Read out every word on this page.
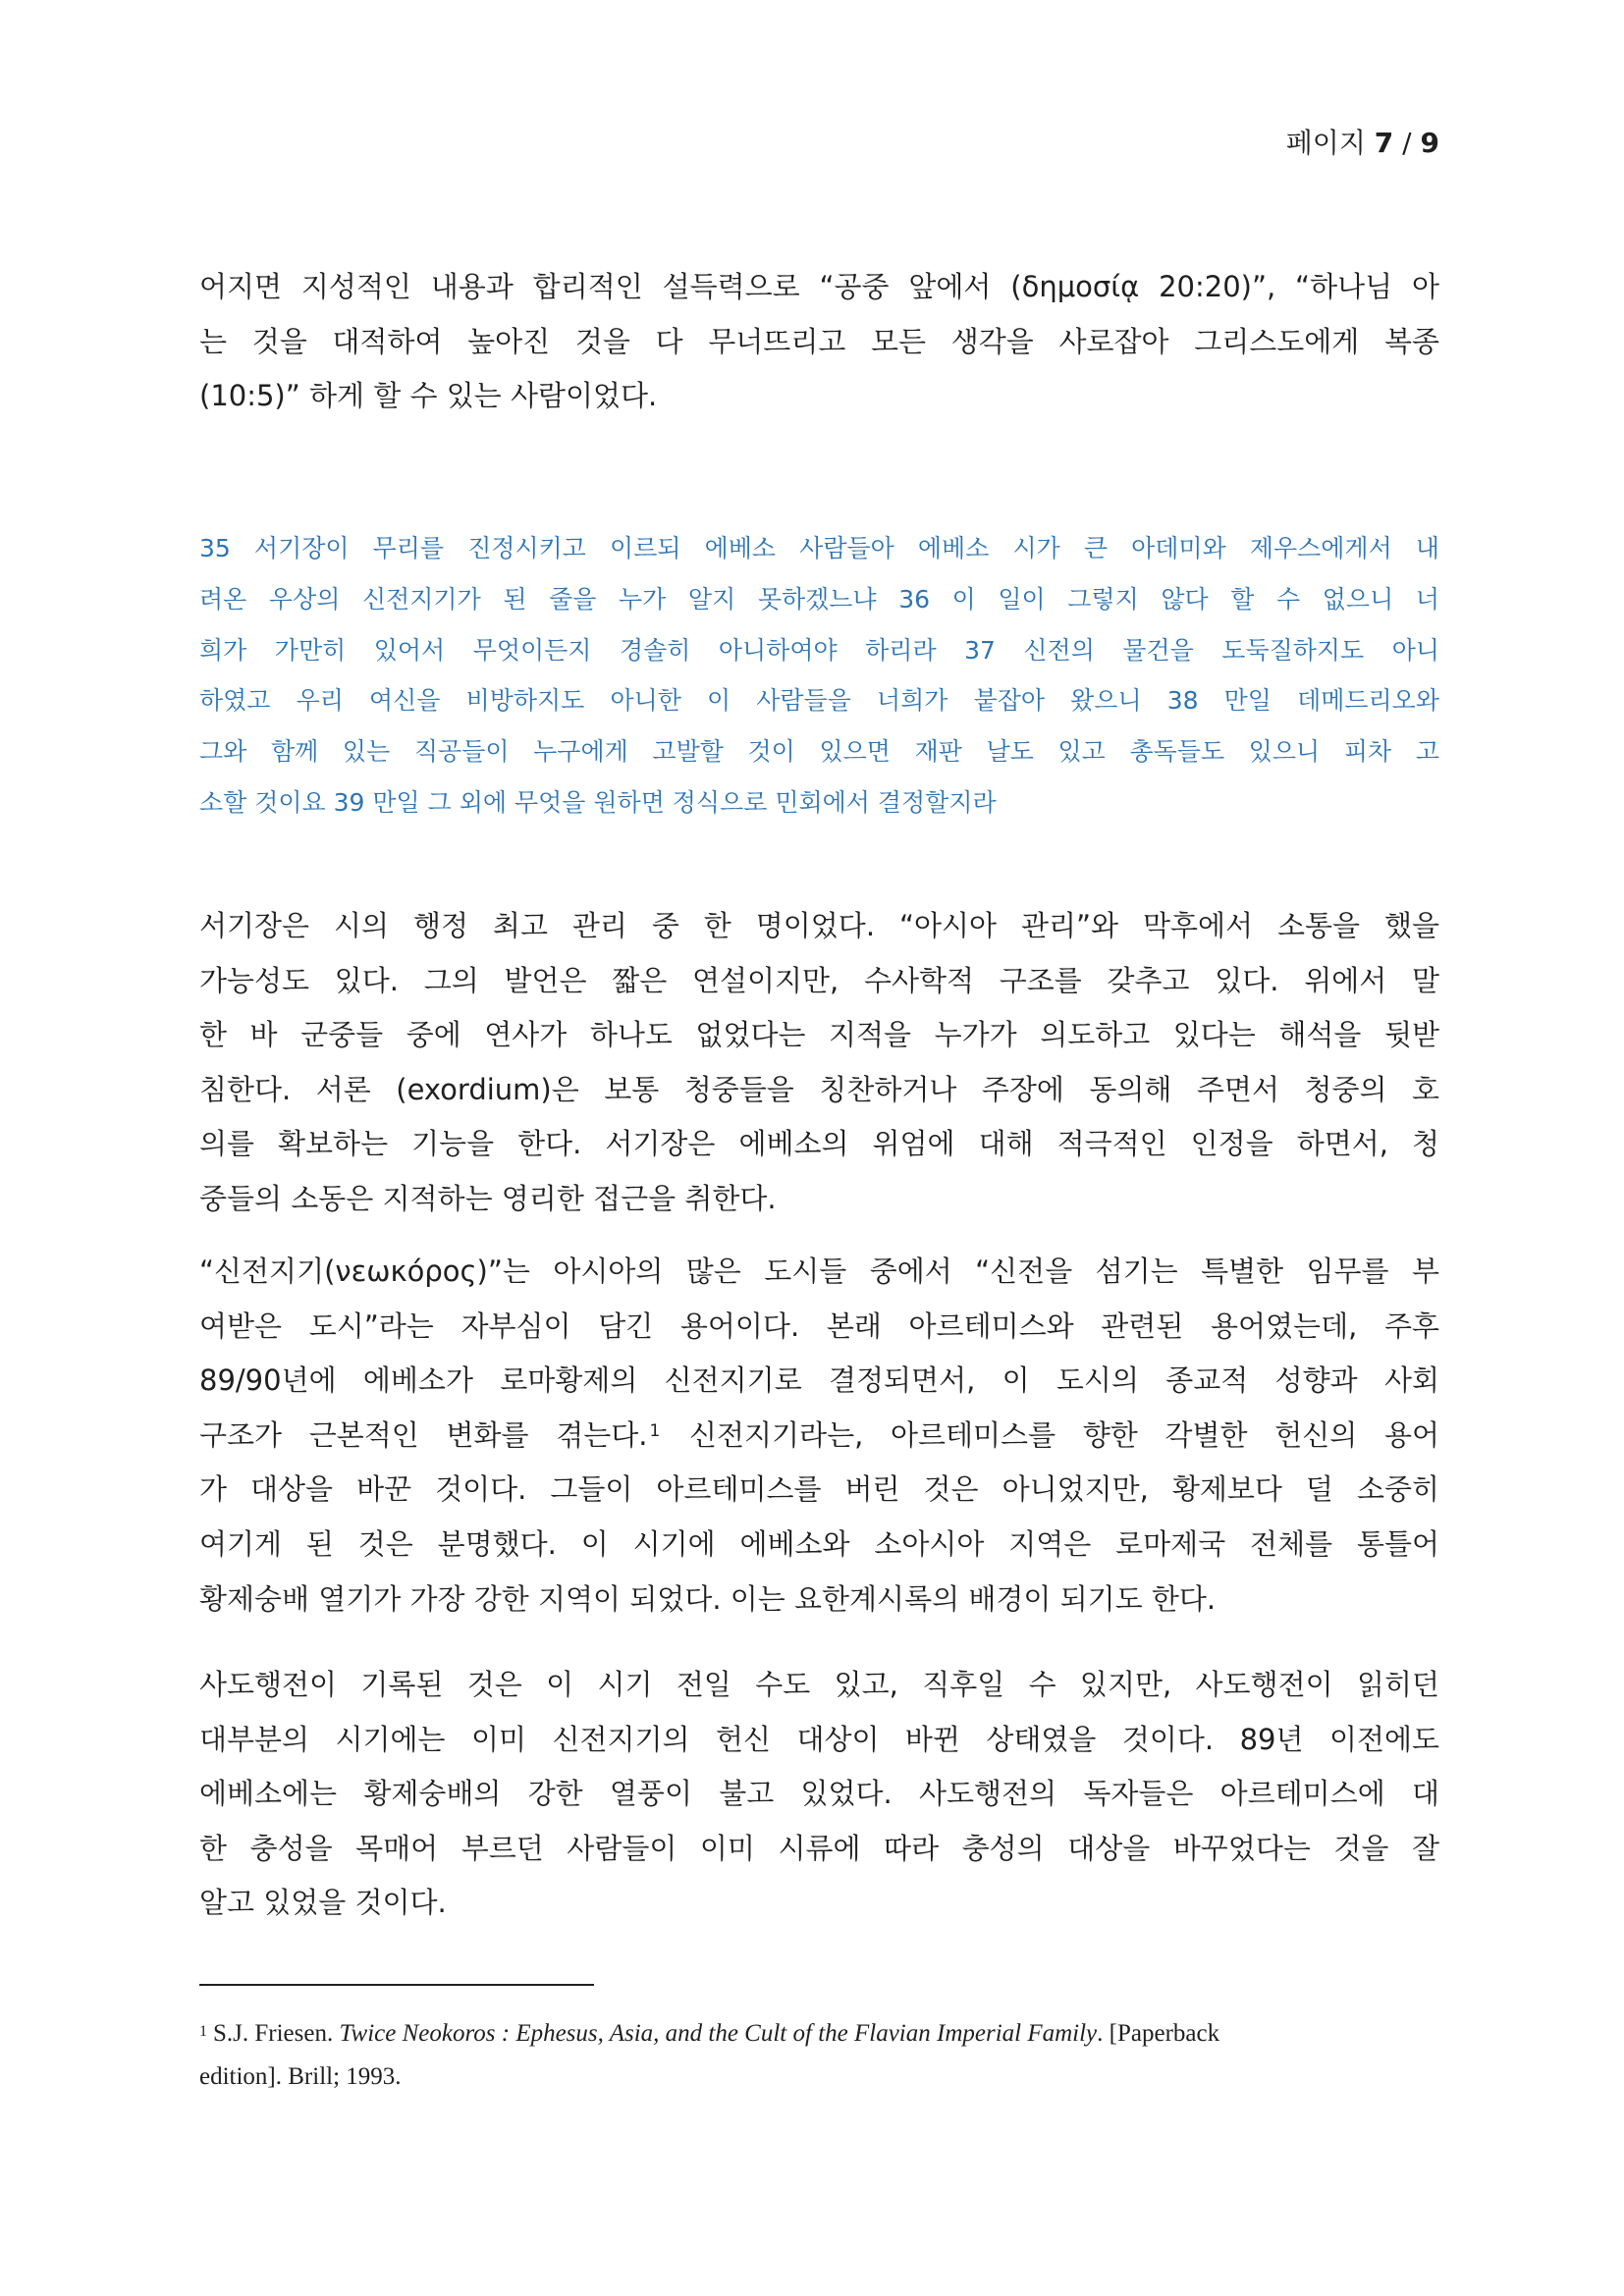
페이지 7 / 9
어지면 지성적인 내용과 합리적인 설득력으로 “공중 앞에서 (δημοσίᾳ 20:20)”, “하나님 아
는 것을 대적하여 높아진 것을 다 무너뜨리고 모든 생각을 사로잡아 그리스도에게 복종
(10:5)” 하게 할 수 있는 사람이었다.
35 서기장이 무리를 진정시키고 이르되 에베소 사람들아 에베소 시가 큰 아데미와 제우스에게서 내
려온 우상의 신전지기가 된 줄을 누가 알지 못하겠느냐 36 이 일이 그렇지 않다 할 수 없으니 너
희가 가만히 있어서 무엇이든지 경솔히 아니하여야 하리라 37 신전의 물건을 도둑질하지도 아니
하였고 우리 여신을 비방하지도 아니한 이 사람들을 너희가 붙잡아 왔으니 38 만일 데메드리오와
그와 함께 있는 직공들이 누구에게 고발할 것이 있으면 재판 날도 있고 총독들도 있으니 피차 고
소할 것이요 39 만일 그 외에 무엇을 원하면 정식으로 민회에서 결정할지라
서기장은 시의 행정 최고 관리 중 한 명이었다. “아시아 관리”와 막후에서 소통을 했을
가능성도 있다. 그의 발언은 짧은 연설이지만, 수사학적 구조를 갖추고 있다. 위에서 말
한 바 군중들 중에 연사가 하나도 없었다는 지적을 누가가 의도하고 있다는 해석을 뒷받
침한다. 서론 (exordium)은 보통 청중들을 칭찬하거나 주장에 동의해 주면서 청중의 호
의를 확보하는 기능을 한다. 서기장은 에베소의 위엄에 대해 적극적인 인정을 하면서, 청
중들의 소동은 지적하는 영리한 접근을 취한다.
“신전지기(νεωκόρος)”는 아시아의 많은 도시들 중에서 “신전을 섬기는 특별한 임무를 부
여받은 도시”라는 자부심이 담긴 용어이다. 본래 아르테미스와 관련된 용어였는데, 주후
89/90년에 에베소가 로마황제의 신전지기로 결정되면서, 이 도시의 종교적 성향과 사회
구조가 근본적인 변화를 겪는다. $^1$ 신전지기라는, 아르테미스를 향한 각별한 헌신의 용어
가 대상을 바꾼 것이다. 그들이 아르테미스를 버린 것은 아니었지만, 황제보다 덜 소중히
여기게 된 것은 분명했다. 이 시기에 에베소와 소아시아 지역은 로마제국 전체를 통틀어
황제숭배 열기가 가장 강한 지역이 되었다. 이는 요한계시록의 배경이 되기도 한다.
사도행전이 기록된 것은 이 시기 전일 수도 있고, 직후일 수 있지만, 사도행전이 읽히던
대부분의 시기에는 이미 신전지기의 헌신 대상이 바뀐 상태였을 것이다. 89년 이전에도
에베소에는 황제숭배의 강한 열풍이 불고 있었다. 사도행전의 독자들은 아르테미스에 대
한 충성을 목매어 부르던 사람들이 이미 시류에 따라 충성의 대상을 바꾸었다는 것을 잘
알고 있었을 것이다.
$^1$ S.J. Friesen. Twice Neokoros : Ephesus, Asia, and the Cult of the Flavian Imperial Family. [Paperback
edition]. Brill; 1993.
